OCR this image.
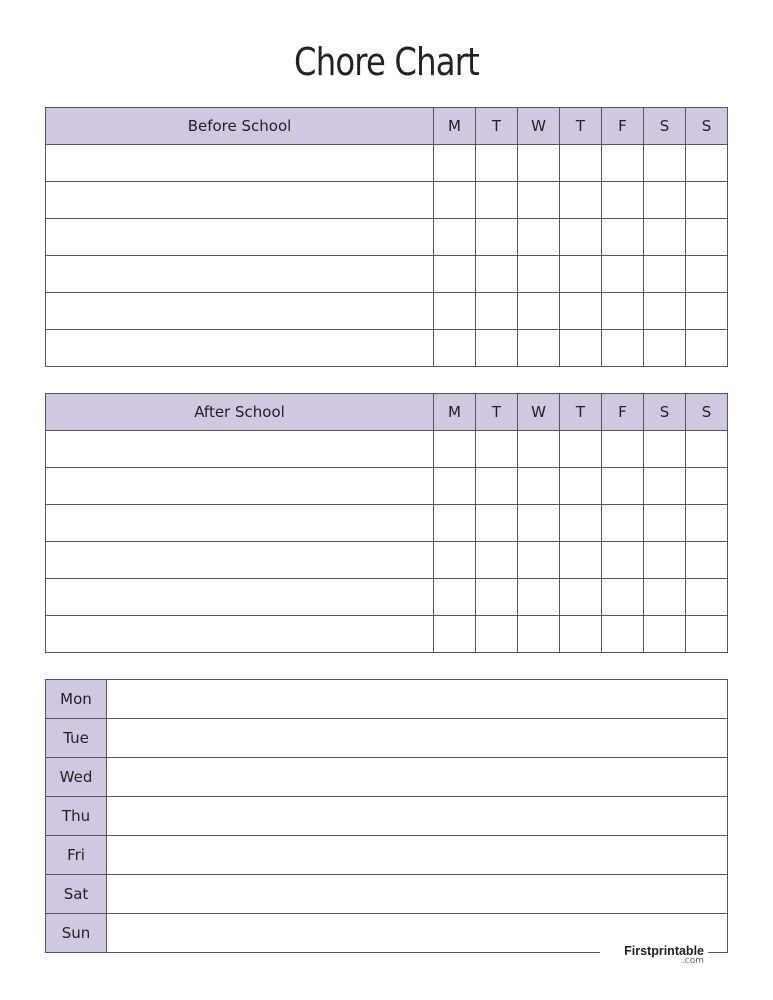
Chore Chart
Before School	M	T	W	T	F	S	S

After School	M	T	W	T	F	S	S

Mon	
Tue	
Wed	
Thu	
Fri	
Sat	
Sun	
Firstprintable
.com
